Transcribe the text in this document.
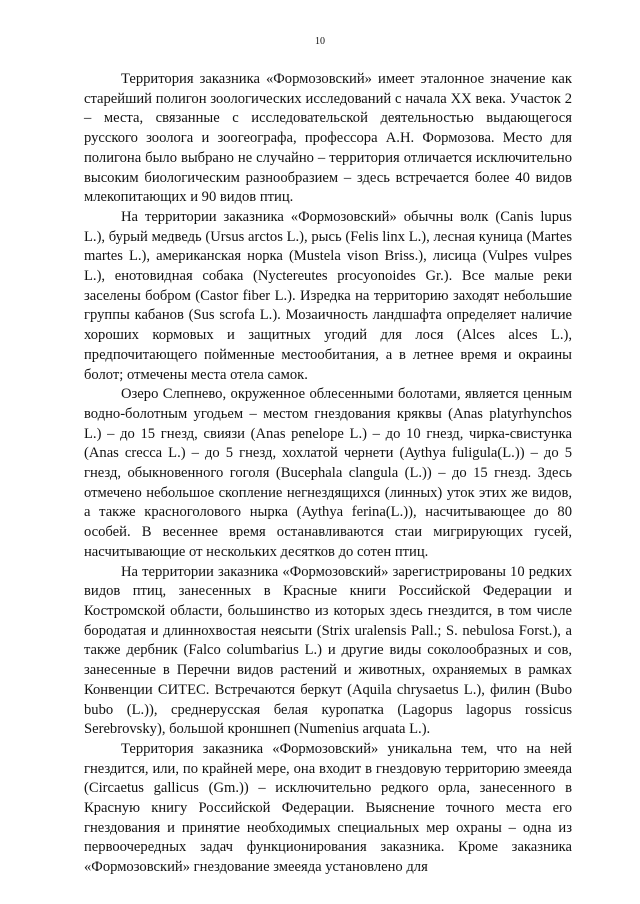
10

Территория заказника «Формозовский» имеет эталонное значение как старейший полигон зоологических исследований с начала XX века. Участок 2 – места, связанные с исследовательской деятельностью выдающегося русского зоолога и зоогеографа, профессора А.Н. Формозова. Место для полигона было выбрано не случайно – территория отличается исключительно высоким биологическим разнообразием – здесь встречается более 40 видов млекопитающих и 90 видов птиц.

На территории заказника «Формозовский» обычны волк (Canis lupus L.), бурый медведь (Ursus arctos L.), рысь (Felis linx L.), лесная куница (Martes martes L.), американская норка (Mustela vison Briss.), лисица (Vulpes vulpes L.), енотовидная собака (Nyctereutes procyonoides Gr.). Все малые реки заселены бобром (Castor fiber L.). Изредка на территорию заходят небольшие группы кабанов (Sus scrofa L.). Мозаичность ландшафта определяет наличие хороших кормовых и защитных угодий для лося (Alces alces L.), предпочитающего пойменные местообитания, а в летнее время и окраины болот; отмечены места отела самок.

Озеро Слепнево, окруженное облесенными болотами, является ценным водно-болотным угодьем – местом гнездования кряквы (Anas platyrhynchos L.) – до 15 гнезд, свиязи (Anas penelope L.) – до 10 гнезд, чирка-свистунка (Anas crecca L.) – до 5 гнезд, хохлатой чернети (Aythya fuligula(L.)) – до 5 гнезд, обыкновенного гоголя (Bucephala clangula (L.)) – до 15 гнезд. Здесь отмечено небольшое скопление негнездящихся (линных) уток этих же видов, а также красноголового нырка (Aythya ferina(L.)), насчитывающее до 80 особей. В весеннее время останавливаются стаи мигрирующих гусей, насчитывающие от нескольких десятков до сотен птиц.

На территории заказника «Формозовский» зарегистрированы 10 редких видов птиц, занесенных в Красные книги Российской Федерации и Костромской области, большинство из которых здесь гнездится, в том числе бородатая и длиннохвостая неясыти (Strix uralensis Pall.; S. nebulosa Forst.), а также дербник (Falco columbarius L.) и другие виды соколообразных и сов, занесенные в Перечни видов растений и животных, охраняемых в рамках Конвенции СИТЕС. Встречаются беркут (Aquila chrysaetus L.), филин (Bubo bubo (L.)), среднерусская белая куропатка (Lagopus lagopus rossicus Serebrovsky), большой кроншнеп (Numenius arquata L.).

Территория заказника «Формозовский» уникальна тем, что на ней гнездится, или, по крайней мере, она входит в гнездовую территорию змееяда (Circaetus gallicus (Gm.)) – исключительно редкого орла, занесенного в Красную книгу Российской Федерации. Выяснение точного места его гнездования и принятие необходимых специальных мер охраны – одна из первоочередных задач функционирования заказника. Кроме заказника «Формозовский» гнездование змееяда установлено для
